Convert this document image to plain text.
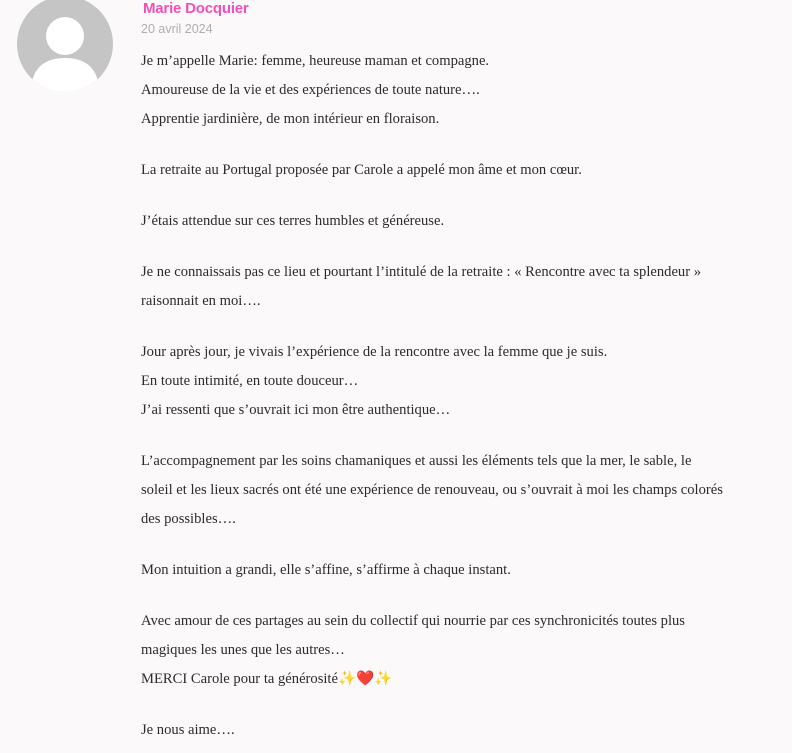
Marie Docquier
20 avril 2024
Je m’appelle Marie: femme, heureuse maman et compagne.
Amoureuse de la vie et des expériences de toute nature….
Apprentie jardinière, de mon intérieur en floraison.
La retraite au Portugal proposée par Carole a appelé mon âme et mon cœur.
J’étais attendue sur ces terres humbles et généreuse.
Je ne connaissais pas ce lieu et pourtant l’intitulé de la retraite : « Rencontre avec ta splendeur »
raisonnait en moi….
Jour après jour, je vivais l’expérience de la rencontre avec la femme que je suis.
En toute intimité, en toute douceur…
J’ai ressenti que s’ouvrait ici mon être authentique…
L’accompagnement par les soins chamaniques et aussi les éléments tels que la mer, le sable, le
soleil et les lieux sacrés ont été une expérience de renouveau, ou s’ouvrait à moi les champs colorés
des possibles….
Mon intuition a grandi, elle s’affine, s’affirme à chaque instant.
Avec amour de ces partages au sein du collectif qui nourrie par ces synchronicités toutes plus
magiques les unes que les autres…
MERCI Carole pour ta générosité✨❤️✨
Je nous aime….
